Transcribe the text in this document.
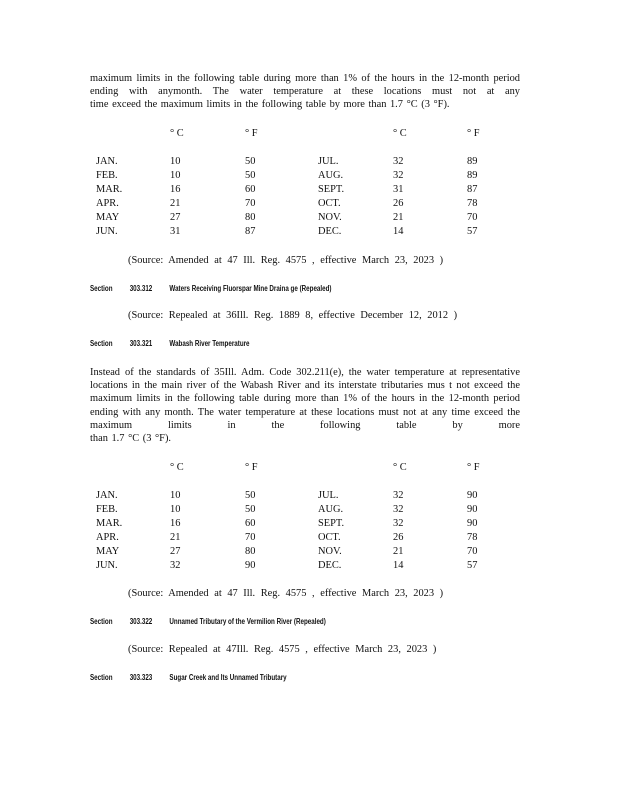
maximum limits in the following table during more than 1% of the hours in the 12-month period ending with anymonth. The water temperature at these locations must not at any
time exceed the maximum limits in the following table by more than 1.7 °C (3 °F).
° C	° F	° C	° F
JAN.	10	50	JUL.	32	89
FEB.	10	50	AUG.	32	89
MAR.	16	60	SEPT.	31	87
APR.	21	70	OCT.	26	78
MAY	27	80	NOV.	21	70
JUN.	31	87	DEC.	14	57
(Source: Amended at 47 Ill. Reg. 4575 , effective March 23, 2023 )
Section 303.312 Waters Receiving Fluorspar Mine Draina ge (Repealed)
(Source: Repealed at 36Ill. Reg. 1889 8, effective December 12, 2012 )
Section 303.321 Wabash River Temperature
Instead of the standards of 35Ill. Adm. Code 302.211(e), the water temperature at representative locations in the main river of the Wabash River and its interstate tributaries mus t not exceed the maximum limits in the following table during more than 1% of the hours in the 12-month period ending with any month. The water temperature at these locations must not at any time exceed the maximum limits in the following table by more
than 1.7 °C (3 °F).
° C	° F	° C	° F
JAN.	10	50	JUL.	32	90
FEB.	10	50	AUG.	32	90
MAR.	16	60	SEPT.	32	90
APR.	21	70	OCT.	26	78
MAY	27	80	NOV.	21	70
JUN.	32	90	DEC.	14	57
(Source: Amended at 47 Ill. Reg. 4575 , effective March 23, 2023 )
Section 303.322 Unnamed Tributary of the Vermilion River (Repealed)
(Source: Repealed at 47Ill. Reg. 4575 , effective March 23, 2023 )
Section 303.323 Sugar Creek and Its Unnamed Tributary
